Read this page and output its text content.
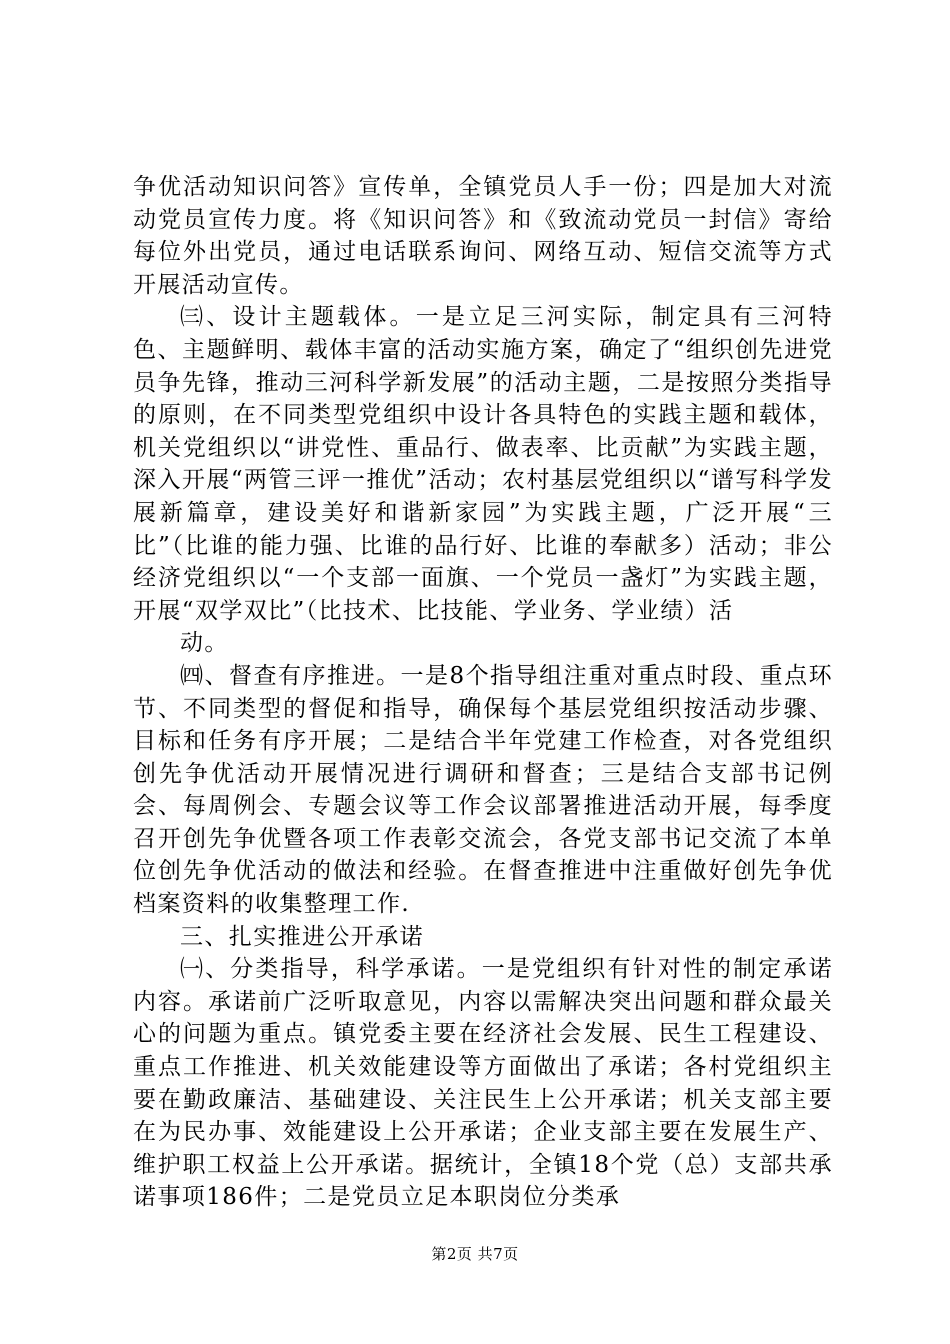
争优活动知识问答》宣传单，全镇党员人手一份；四是加大对流动党员宣传力度。将《知识问答》和《致流动党员一封信》寄给每位外出党员，通过电话联系询问、网络互动、短信交流等方式开展活动宣传。

㈢、设计主题载体。一是立足三河实际，制定具有三河特色、主题鲜明、载体丰富的活动实施方案，确定了“组织创先进党员争先锋，推动三河科学新发展”的活动主题，二是按照分类指导的原则，在不同类型党组织中设计各具特色的实践主题和载体，机关党组织以“讲党性、重品行、做表率、比贡献”为实践主题，深入开展“两管三评一推优”活动；农村基层党组织以“谱写科学发展新篇章，建设美好和谐新家园”为实践主题，广泛开展“三比”（比谁的能力强、比谁的品行好、比谁的奉献多）活动；非公经济党组织以“一个支部一面旗、一个党员一盏灯”为实践主题，开展“双学双比”（比技术、比技能、学业务、学业绩）活

动。

㈣、督查有序推进。一是8个指导组注重对重点时段、重点环节、不同类型的督促和指导，确保每个基层党组织按活动步骤、目标和任务有序开展；二是结合半年党建工作检查，对各党组织创先争优活动开展情况进行调研和督查；三是结合支部书记例会、每周例会、专题会议等工作会议部署推进活动开展，每季度召开创先争优暨各项工作表彰交流会，各党支部书记交流了本单位创先争优活动的做法和经验。在督查推进中注重做好创先争优档案资料的收集整理工作.

三、扎实推进公开承诺

㈠、分类指导，科学承诺。一是党组织有针对性的制定承诺内容。承诺前广泛听取意见，内容以需解决突出问题和群众最关心的问题为重点。镇党委主要在经济社会发展、民生工程建设、重点工作推进、机关效能建设等方面做出了承诺；各村党组织主要在勤政廉洁、基础建设、关注民生上公开承诺；机关支部主要在为民办事、效能建设上公开承诺；企业支部主要在发展生产、维护职工权益上公开承诺。据统计，全镇18个党（总）支部共承诺事项186件；二是党员立足本职岗位分类承

第2页 共7页
